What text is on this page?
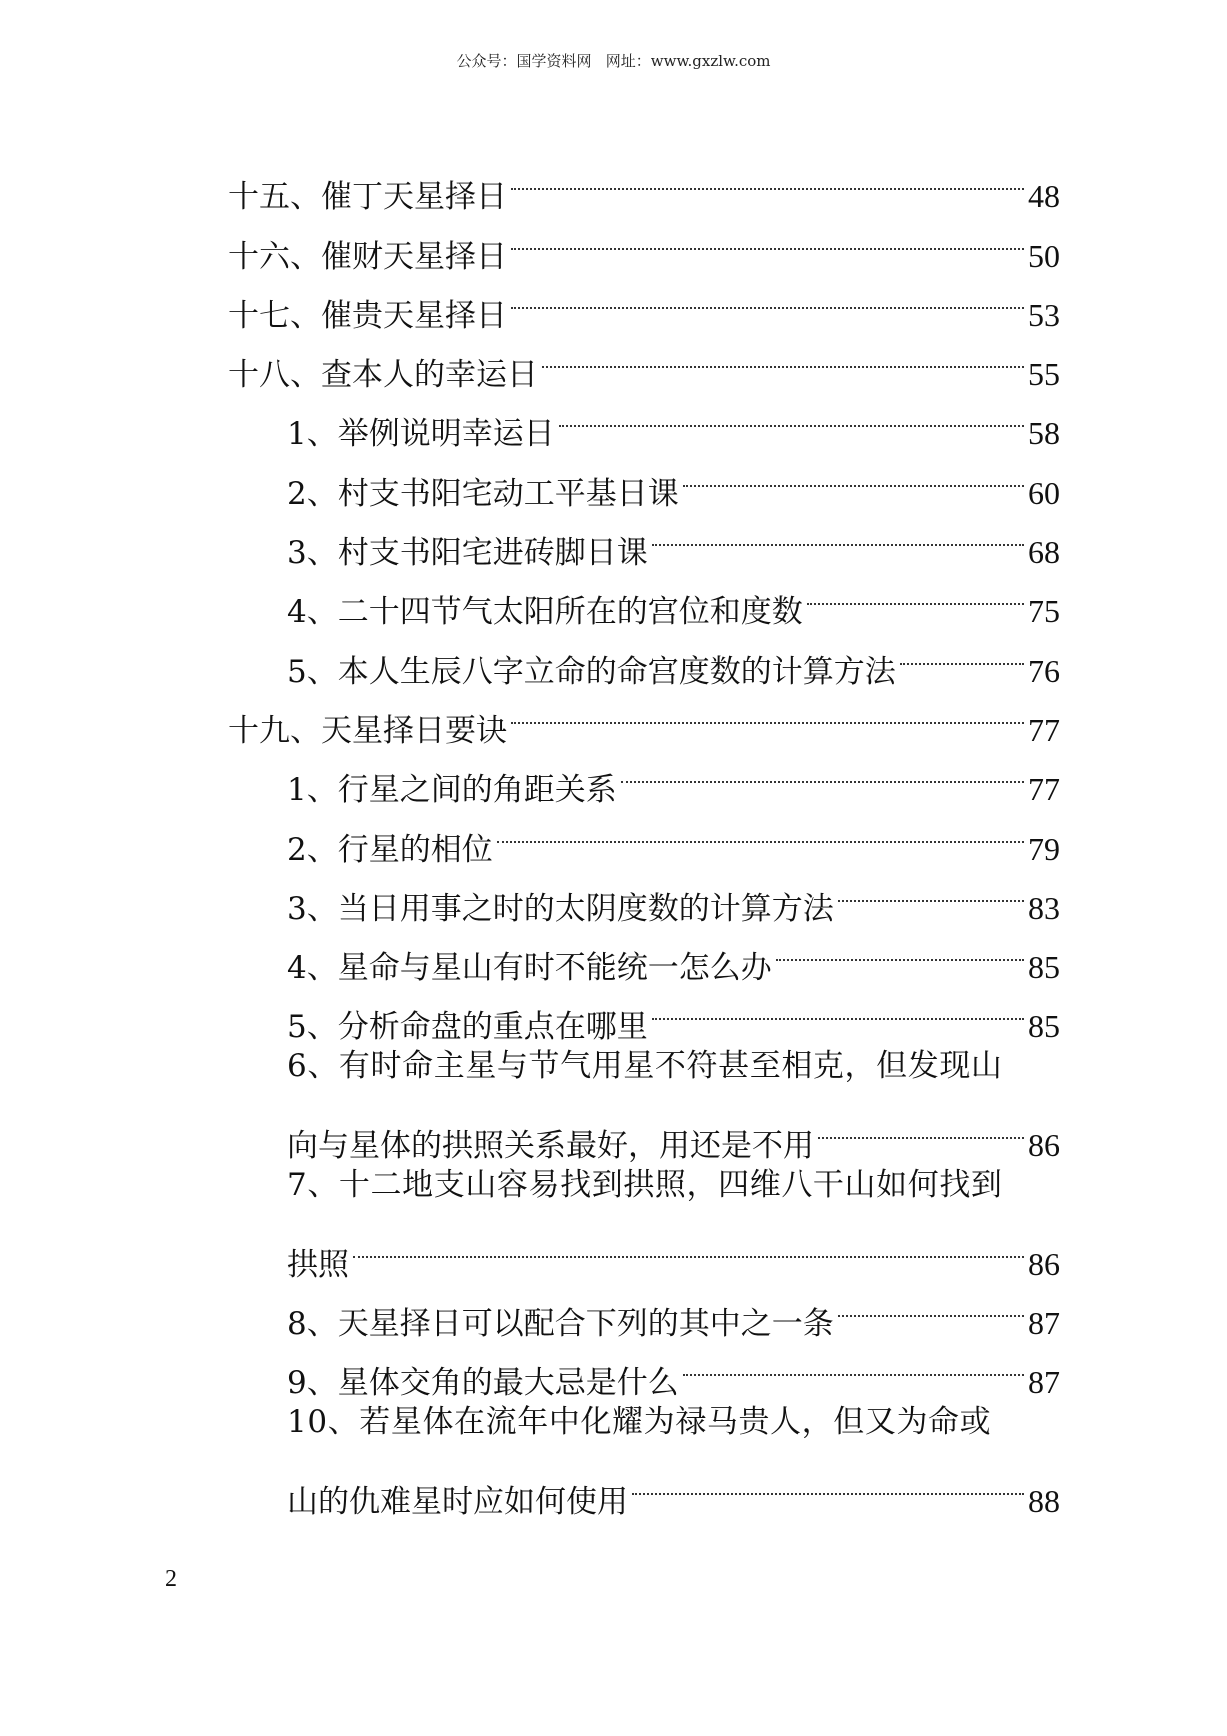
公众号：国学资料网   网址：www.gxzlw.com
十五、催丁天星择日	48
十六、催财天星择日	50
十七、催贵天星择日	53
十八、查本人的幸运日	55
1、举例说明幸运日	58
2、村支书阳宅动工平基日课	60
3、村支书阳宅进砖脚日课	68
4、二十四节气太阳所在的宫位和度数	75
5、本人生辰八字立命的命宫度数的计算方法	76
十九、天星择日要诀	77
1、行星之间的角距关系	77
2、行星的相位	79
3、当日用事之时的太阴度数的计算方法	83
4、星命与星山有时不能统一怎么办	85
5、分析命盘的重点在哪里	85
6、有时命主星与节气用星不符甚至相克，但发现山
向与星体的拱照关系最好，用还是不用	86
7、十二地支山容易找到拱照，四维八干山如何找到
拱照	86
8、天星择日可以配合下列的其中之一条	87
9、星体交角的最大忌是什么	87
10、若星体在流年中化耀为禄马贵人，但又为命或
山的仇难星时应如何使用	88
2
